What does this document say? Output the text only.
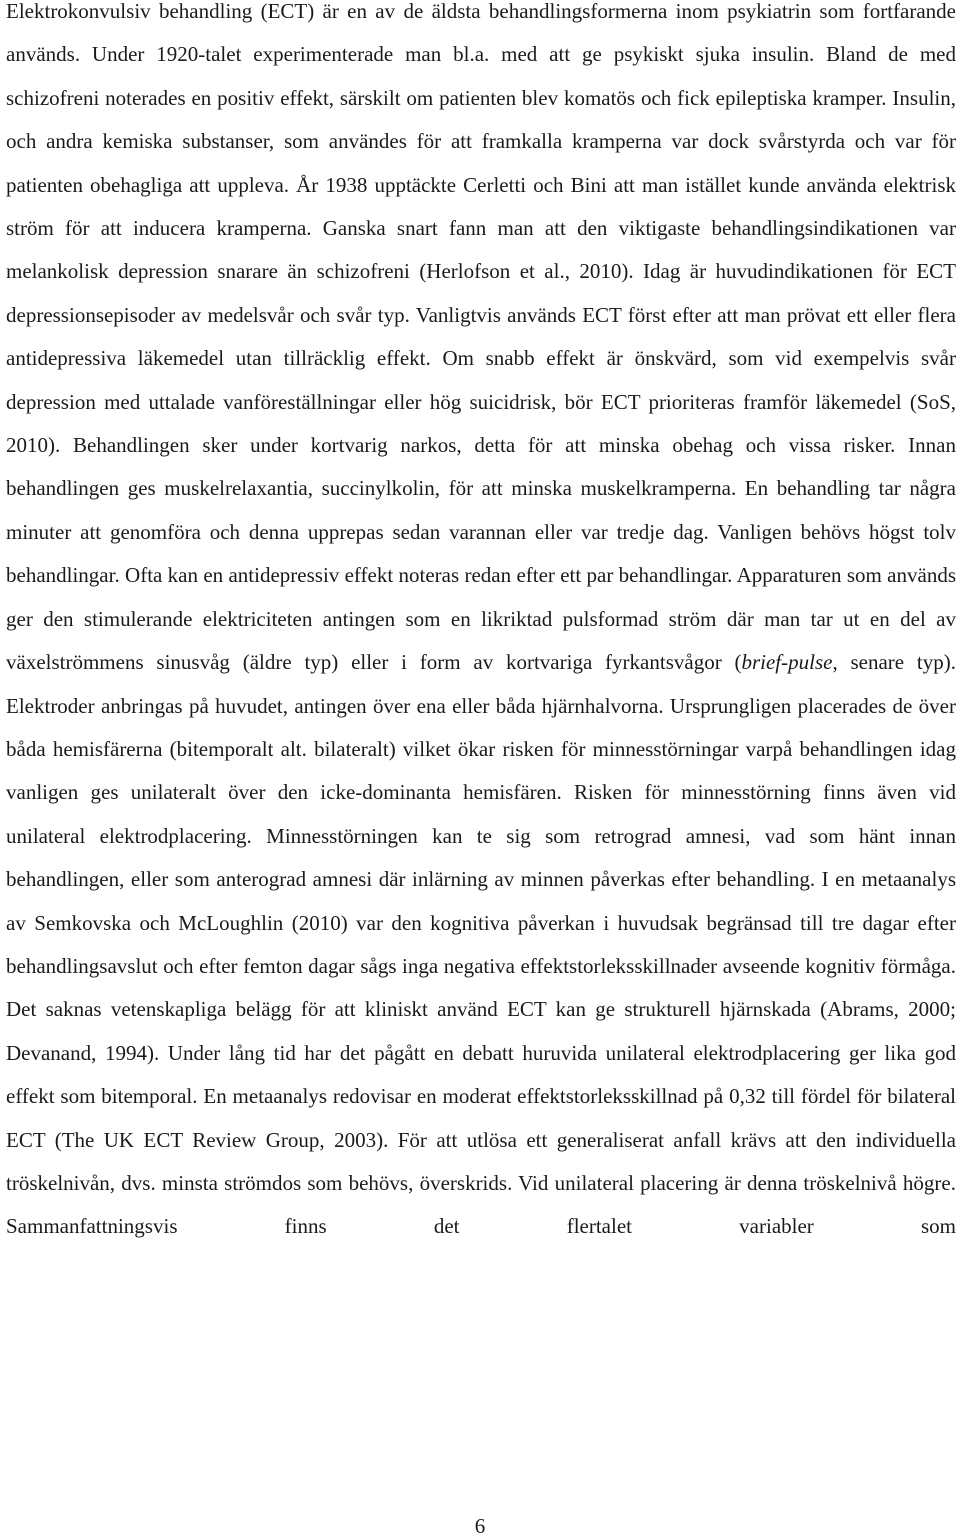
Elektrokonvulsiv behandling (ECT) är en av de äldsta behandlingsformerna inom psykiatrin som fortfarande används. Under 1920-talet experimenterade man bl.a. med att ge psykiskt sjuka insulin. Bland de med schizofreni noterades en positiv effekt, särskilt om patienten blev komatös och fick epileptiska kramper. Insulin, och andra kemiska substanser, som användes för att framkalla kramperna var dock svårstyrda och var för patienten obehagliga att uppleva. År 1938 upptäckte Cerletti och Bini att man istället kunde använda elektrisk ström för att inducera kramperna. Ganska snart fann man att den viktigaste behandlingsindikationen var melankolisk depression snarare än schizofreni (Herlofson et al., 2010). Idag är huvudindikationen för ECT depressionsepisoder av medelsvår och svår typ. Vanligtvis används ECT först efter att man prövat ett eller flera antidepressiva läkemedel utan tillräcklig effekt. Om snabb effekt är önskvärd, som vid exempelvis svår depression med uttalade vanföreställningar eller hög suicidrisk, bör ECT prioriteras framför läkemedel (SoS, 2010). Behandlingen sker under kortvarig narkos, detta för att minska obehag och vissa risker. Innan behandlingen ges muskelrelaxantia, succinylkolin, för att minska muskelkramperna. En behandling tar några minuter att genomföra och denna upprepas sedan varannan eller var tredje dag. Vanligen behövs högst tolv behandlingar. Ofta kan en antidepressiv effekt noteras redan efter ett par behandlingar. Apparaturen som används ger den stimulerande elektriciteten antingen som en likriktad pulsformad ström där man tar ut en del av växelströmmens sinusvåg (äldre typ) eller i form av kortvariga fyrkantsvågor (brief-pulse, senare typ). Elektroder anbringas på huvudet, antingen över ena eller båda hjärnhalvorna. Ursprungligen placerades de över båda hemisfärerna (bitemporalt alt. bilateralt) vilket ökar risken för minnesstörningar varpå behandlingen idag vanligen ges unilateralt över den icke-dominanta hemisfären. Risken för minnesstörning finns även vid unilateral elektrodplacering. Minnesstörningen kan te sig som retrograd amnesi, vad som hänt innan behandlingen, eller som anterograd amnesi där inlärning av minnen påverkas efter behandling. I en metaanalys av Semkovska och McLoughlin (2010) var den kognitiva påverkan i huvudsak begränsad till tre dagar efter behandlingsavslut och efter femton dagar sågs inga negativa effektstorleksskillnader avseende kognitiv förmåga. Det saknas vetenskapliga belägg för att kliniskt använd ECT kan ge strukturell hjärnskada (Abrams, 2000; Devanand, 1994). Under lång tid har det pågått en debatt huruvida unilateral elektrodplacering ger lika god effekt som bitemporal. En metaanalys redovisar en moderat effektstorleksskillnad på 0,32 till fördel för bilateral ECT (The UK ECT Review Group, 2003). För att utlösa ett generaliserat anfall krävs att den individuella tröskelnivån, dvs. minsta strömdos som behövs, överskrids. Vid unilateral placering är denna tröskelnivå högre. Sammanfattningsvis finns det flertalet variabler som

6
